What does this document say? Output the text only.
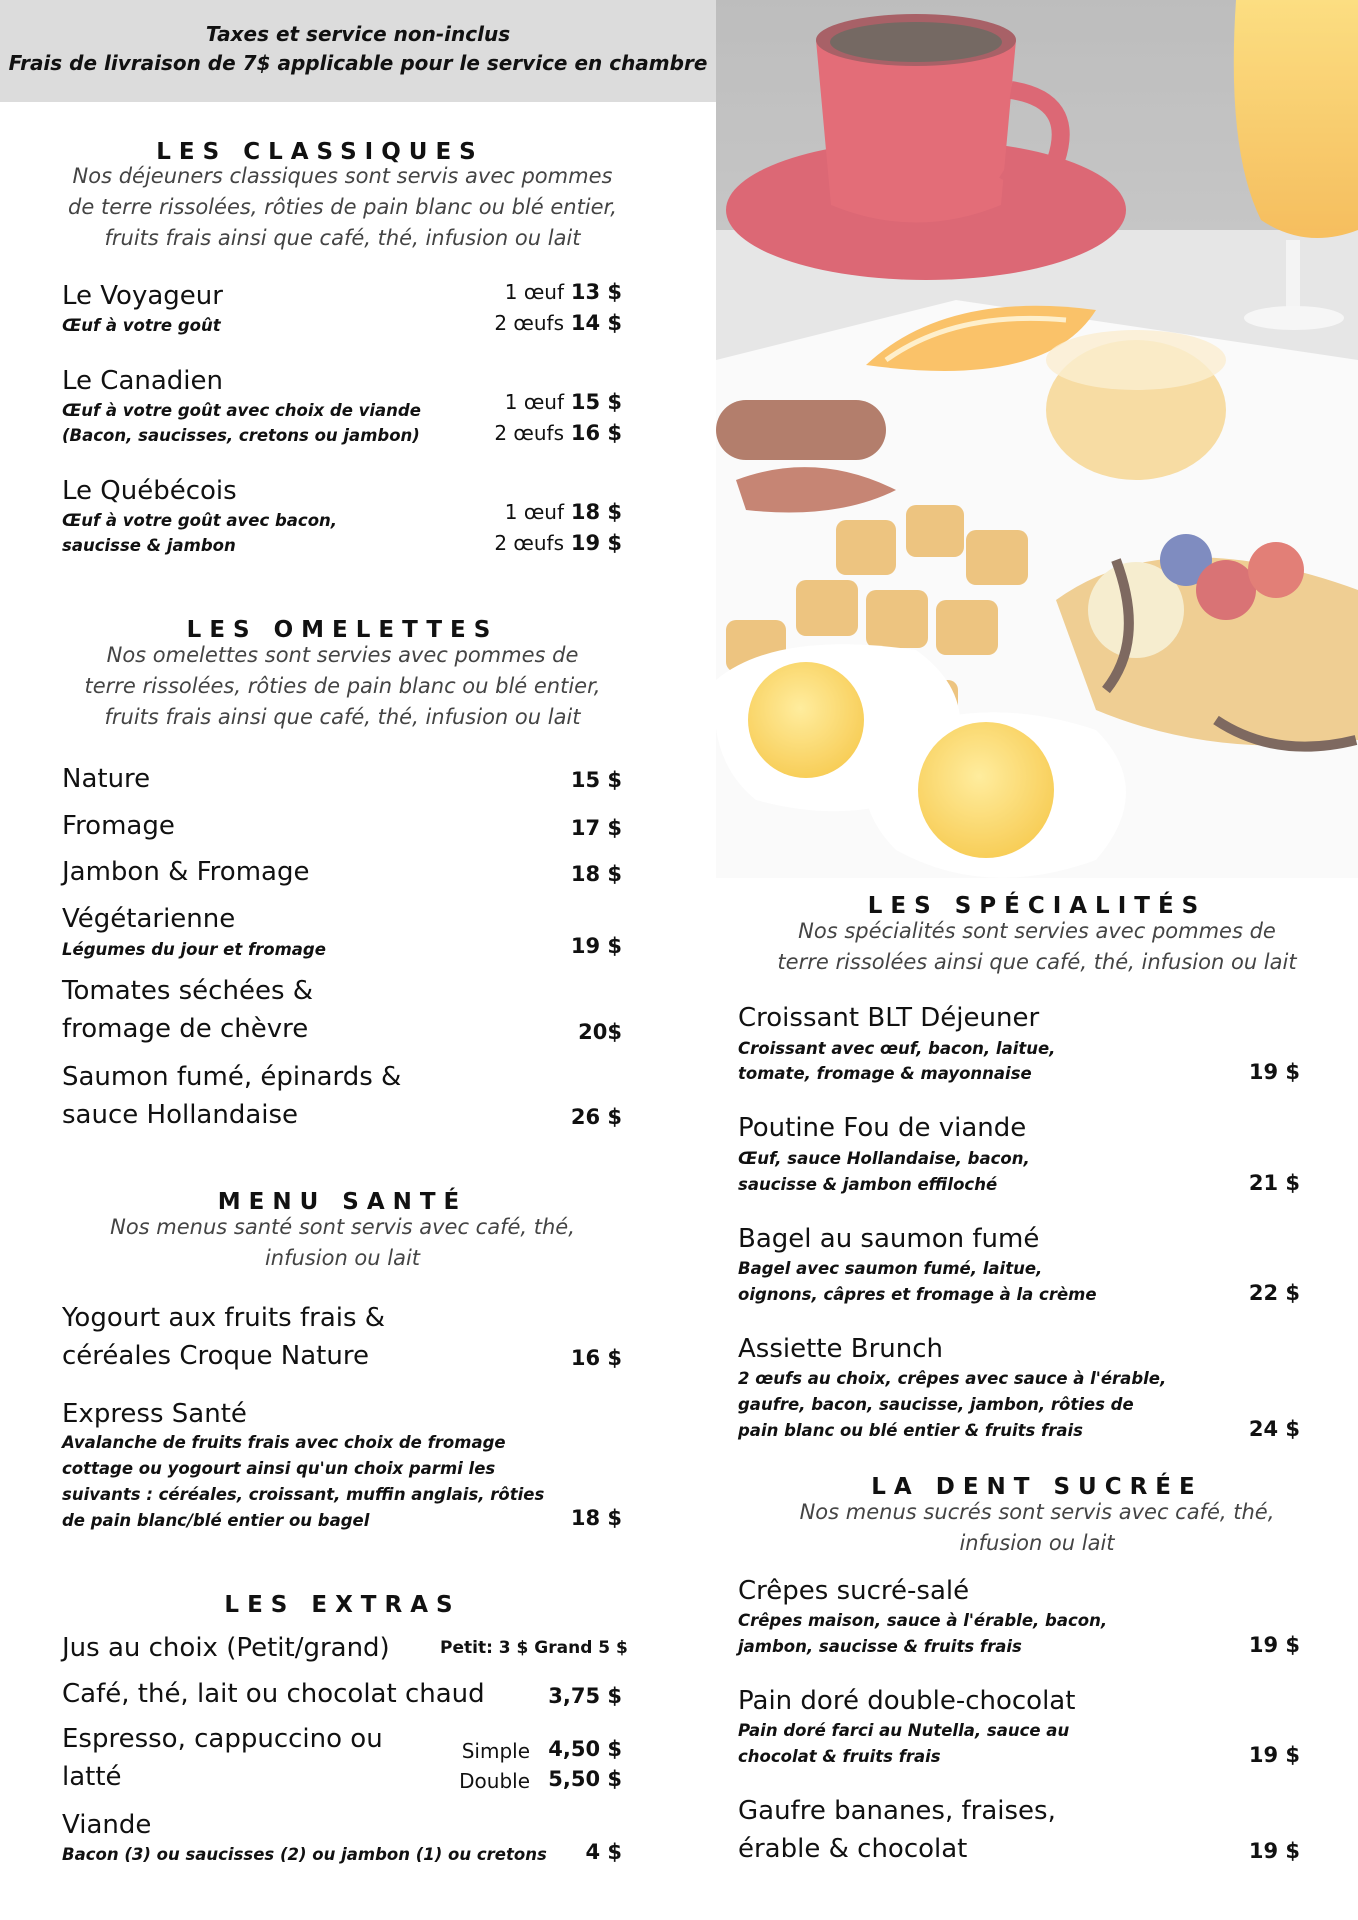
Taxes et service non-inclus

Frais de livraison de 7$ applicable pour le service en chambre

LES CLASSIQUES
Nos déjeuners classiques sont servis avec pommes
de terre rissolées, rôties de pain blanc ou blé entier,
fruits frais ainsi que café, thé, infusion ou lait
Le Voyageur
Œuf à votre goût
1 œuf 13 $
2 œufs 14 $
Le Canadien
Œuf à votre goût avec choix de viande
(Bacon, saucisses, cretons ou jambon)
1 œuf 15 $
2 œufs 16 $
Le Québécois
Œuf à votre goût avec bacon,
saucisse & jambon
1 œuf 18 $
2 œufs 19 $
LES OMELETTES
Nos omelettes sont servies avec pommes de
terre rissolées, rôties de pain blanc ou blé entier,
fruits frais ainsi que café, thé, infusion ou lait
Nature	15 $
Fromage	17 $
Jambon & Fromage	18 $
Végétarienne
Légumes du jour et fromage	19 $
Tomates séchées &
fromage de chèvre	20$
Saumon fumé, épinards &
sauce Hollandaise	26 $
MENU SANTÉ
Nos menus santé sont servis avec café, thé,
infusion ou lait
Yogourt aux fruits frais &
céréales Croque Nature	16 $
Express Santé
Avalanche de fruits frais avec choix de fromage
cottage ou yogourt ainsi qu'un choix parmi les
suivants : céréales, croissant, muffin anglais, rôties
de pain blanc/blé entier ou bagel	18 $
LES EXTRAS
Jus au choix (Petit/grand)	Petit: 3 $ Grand 5 $
Café, thé, lait ou chocolat chaud	3,75 $
Espresso, cappuccino ou
latté
Simple 4,50 $
Double 5,50 $
Viande
Bacon (3) ou saucisses (2) ou jambon (1) ou cretons	4 $
LES SPÉCIALITÉS
Nos spécialités sont servies avec pommes de
terre rissolées ainsi que café, thé, infusion ou lait
Croissant BLT Déjeuner
Croissant avec œuf, bacon, laitue,
tomate, fromage & mayonnaise	19 $
Poutine Fou de viande
Œuf, sauce Hollandaise, bacon,
saucisse & jambon effiloché	21 $
Bagel au saumon fumé
Bagel avec saumon fumé, laitue,
oignons, câpres et fromage à la crème	22 $
Assiette Brunch
2 œufs au choix, crêpes avec sauce à l'érable,
gaufre, bacon, saucisse, jambon, rôties de
pain blanc ou blé entier & fruits frais	24 $
LA DENT SUCRÉE
Nos menus sucrés sont servis avec café, thé,
infusion ou lait
Crêpes sucré-salé
Crêpes maison, sauce à l'érable, bacon,
jambon, saucisse & fruits frais	19 $
Pain doré double-chocolat
Pain doré farci au Nutella, sauce au
chocolat & fruits frais	19 $
Gaufre bananes, fraises,
érable & chocolat	19 $
